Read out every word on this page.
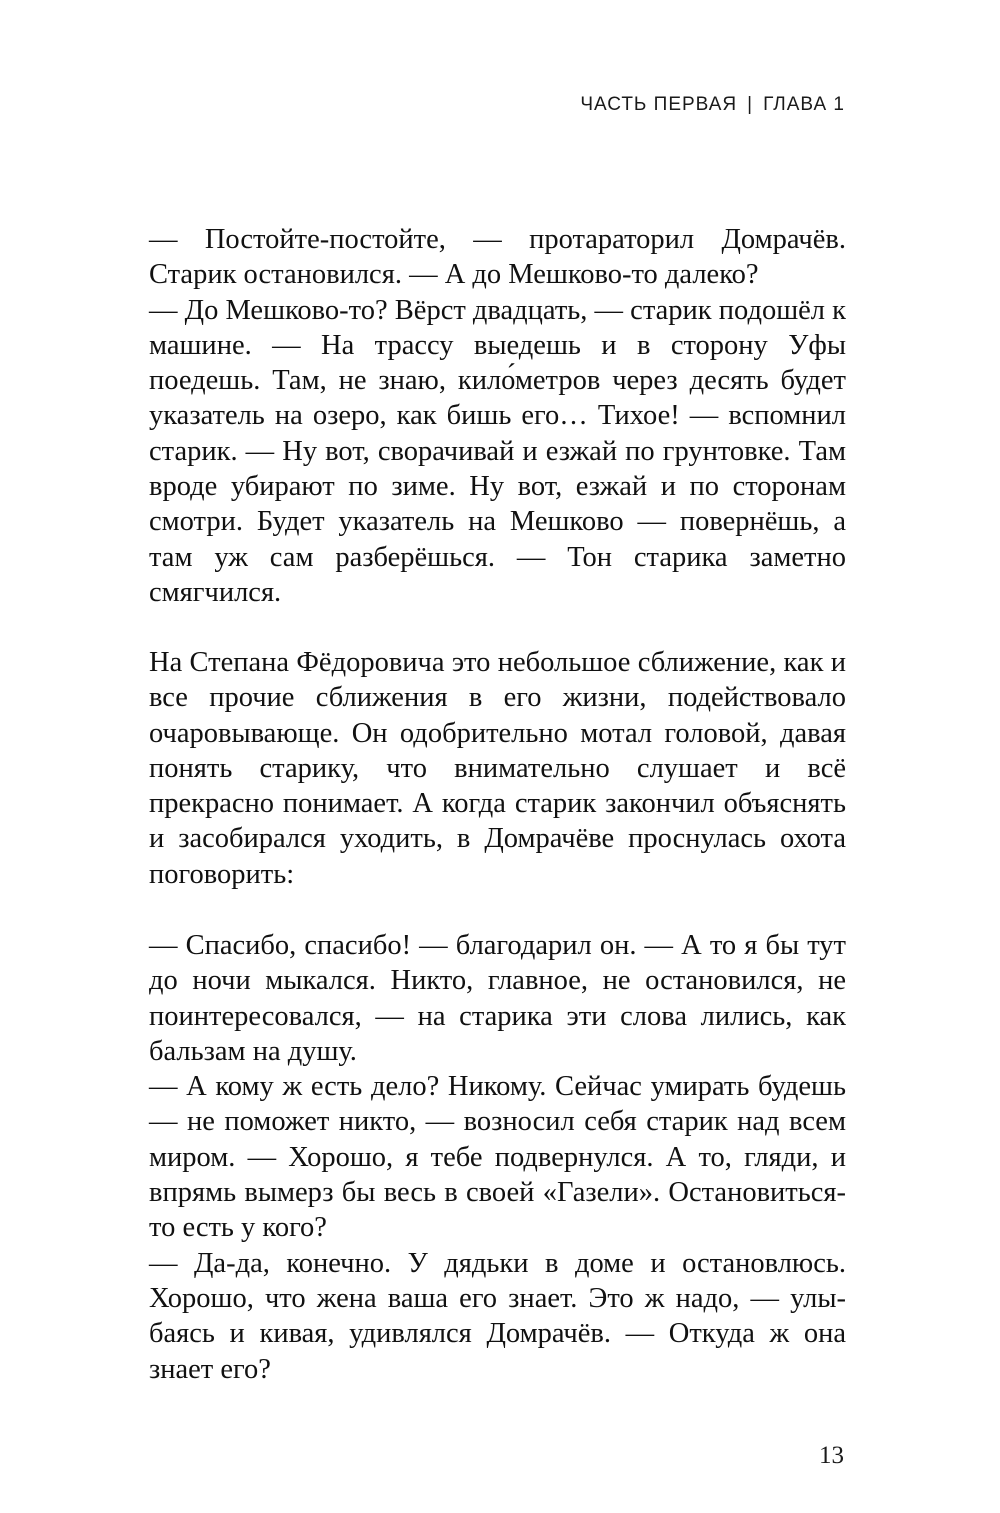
ЧАСТЬ ПЕРВАЯ | ГЛАВА 1

— Постойте-постойте, — протараторил Домрачёв. Старик остановился. — А до Мешково-то далеко?

— До Мешково-то? Вёрст двадцать, — старик подошёл к машине. — На трассу выедешь и в сторону Уфы поедешь. Там, не знаю, кило́метров через десять будет указатель на озеро, как бишь его… Тихое! — вспомнил старик. — Ну вот, сворачивай и езжай по грунтовке. Там вроде убирают по зиме. Ну вот, езжай и по сторонам смотри. Будет указатель на Мешково — повернёшь, а там уж сам разберёшься. — Тон старика заметно смягчился.

На Степана Фёдоровича это небольшое сближение, как и все прочие сближения в его жизни, подействовало очаровывающе. Он одобрительно мотал головой, давая понять старику, что внимательно слушает и всё прекрасно понимает. А когда старик закончил объяснять и засобирался уходить, в Домрачёве проснулась охота поговорить:

— Спасибо, спасибо! — благодарил он. — А то я бы тут до ночи мыкался. Никто, главное, не остановился, не поинтересовался, — на старика эти слова лились, как бальзам на душу.

— А кому ж есть дело? Никому. Сейчас умирать будешь — не поможет никто, — возносил себя старик над всем миром. — Хорошо, я тебе подвернулся. А то, гляди, и впрямь вымерз бы весь в своей «Газели». Остановиться-то есть у кого?

— Да-да, конечно. У дядьки в доме и остановлюсь. Хорошо, что жена ваша его знает. Это ж надо, — улыбаясь и кивая, удивлялся Домрачёв. — Откуда ж она знает его?

13
